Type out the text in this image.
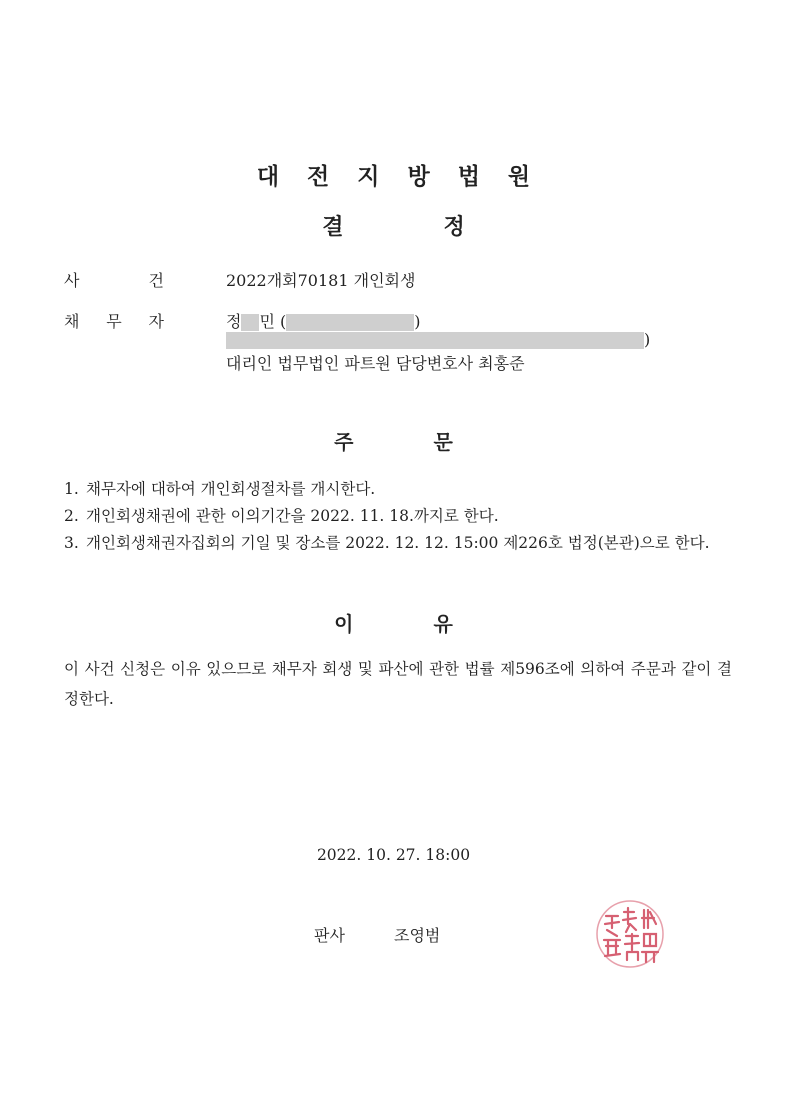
대전지방법원
결	정
사	건	2022개회70181 개인회생
채 무 자	정 민 (	)
)
대리인 법무법인 파트원 담당변호사 최홍준
주	문
1. 채무자에 대하여 개인회생절차를 개시한다.
2. 개인회생채권에 관한 이의기간을 2022. 11. 18.까지로 한다.
3. 개인회생채권자집회의 기일 및 장소를 2022. 12. 12. 15:00 제226호 법정(본관)으로 한다.
이	유
이 사건 신청은 이유 있으므로 채무자 회생 및 파산에 관한 법률 제596조에 의하여 주문과 같이 결정한다.
2022. 10. 27. 18:00
판사	조영범
